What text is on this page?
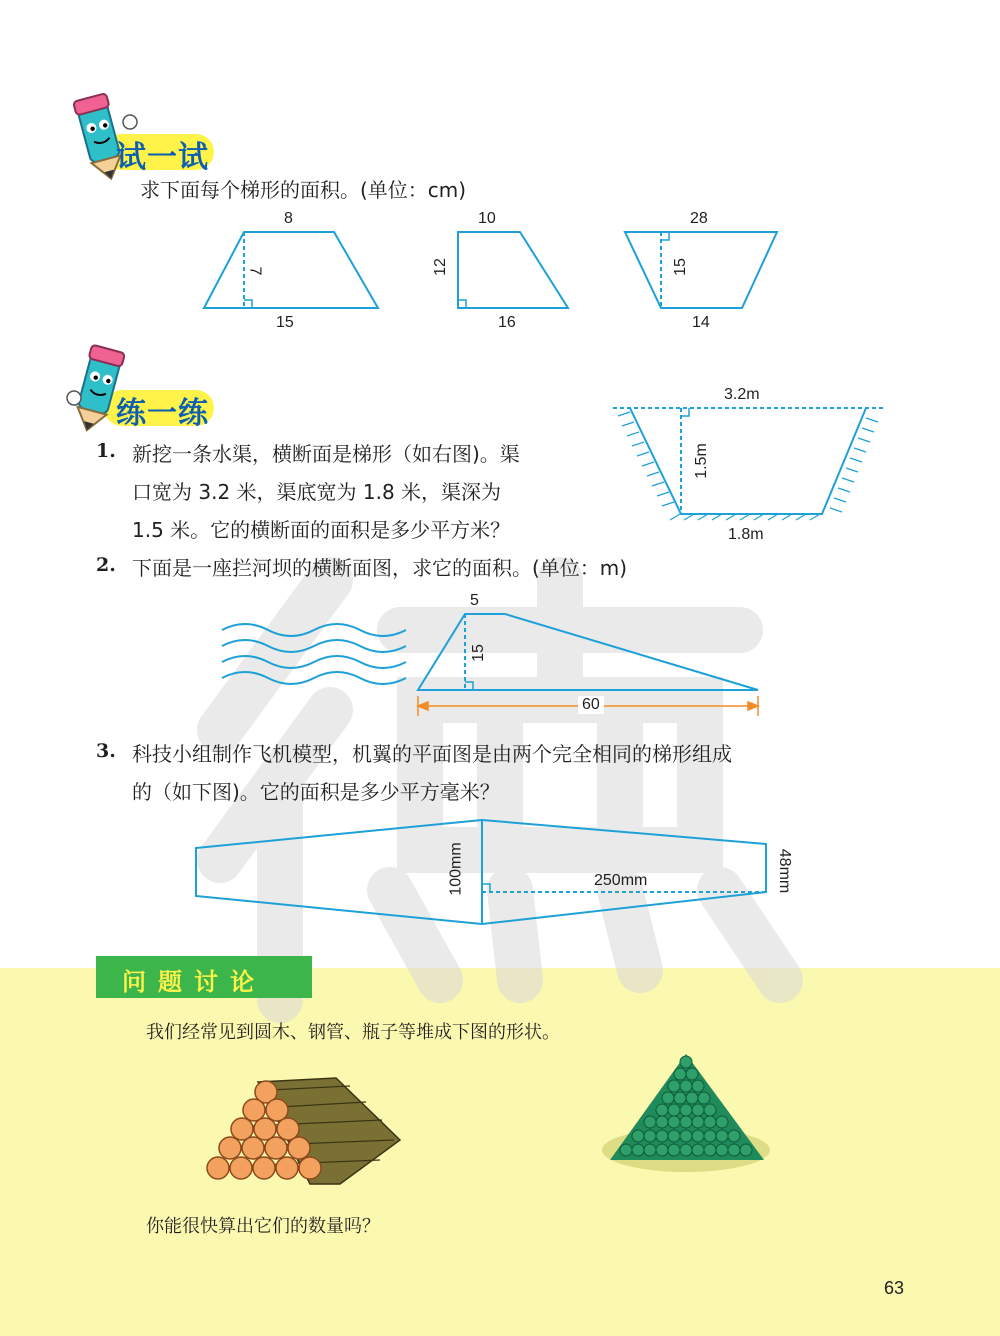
试一试
求下面每个梯形的面积。(单位：cm)
8
7
15
10
12
16
28
15
14
练一练
1. 新挖一条水渠，横断面是梯形（如右图)。渠
口宽为 3.2 米，渠底宽为 1.8 米，渠深为
1.5 米。它的横断面的面积是多少平方米？
3.2m
1.5m
1.8m
2. 下面是一座拦河坝的横断面图，求它的面积。(单位：m)
5
15
60
3. 科技小组制作飞机模型，机翼的平面图是由两个完全相同的梯形组成
的（如下图)。它的面积是多少平方毫米？
100mm	250mm	48mm
问题讨论
我们经常见到圆木、钢管、瓶子等堆成下图的形状。
你能很快算出它们的数量吗？
63
